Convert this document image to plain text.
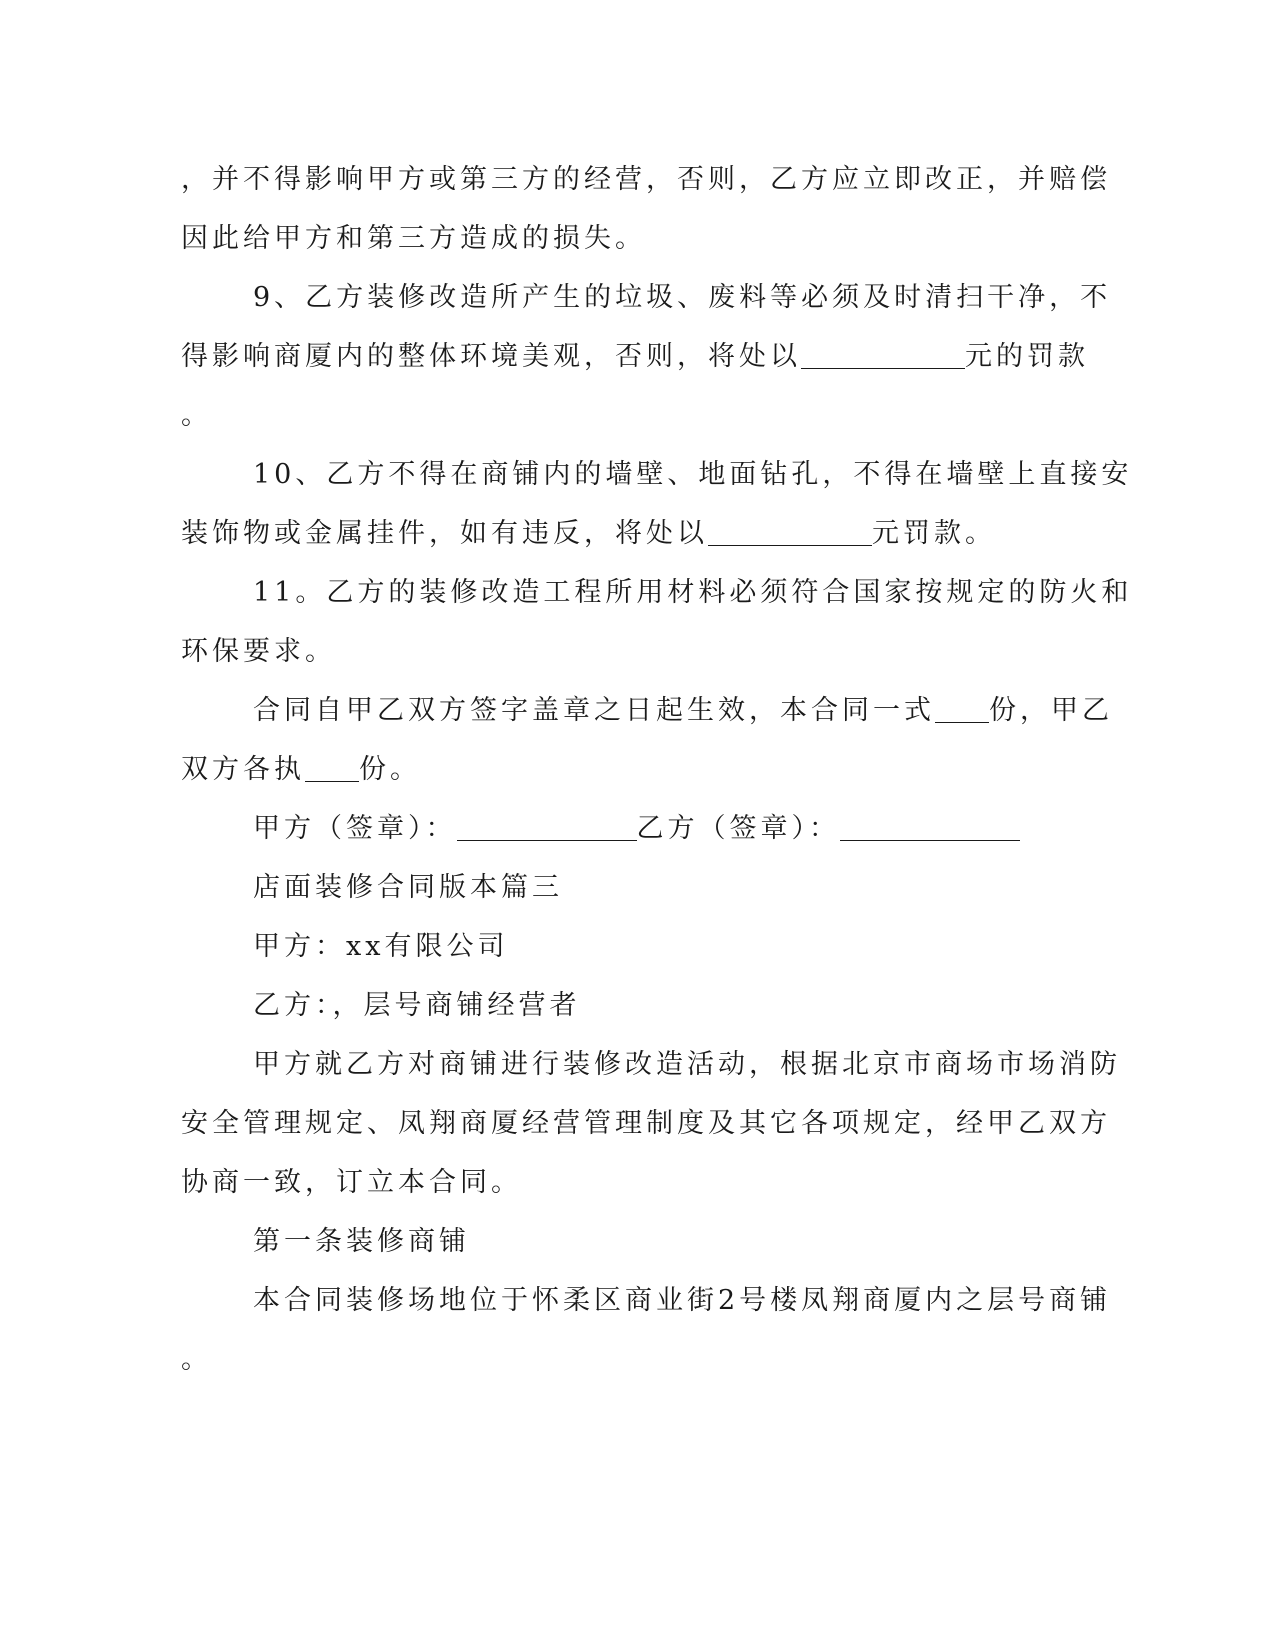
，并不得影响甲方或第三方的经营，否则，乙方应立即改正，并赔偿
因此给甲方和第三方造成的损失。
9、乙方装修改造所产生的垃圾、废料等必须及时清扫干净，不
得影响商厦内的整体环境美观，否则，将处以	元的罚款
。
10、乙方不得在商铺内的墙壁、地面钻孔，不得在墙壁上直接安
装饰物或金属挂件，如有违反，将处以	元罚款。
11。乙方的装修改造工程所用材料必须符合国家按规定的防火和
环保要求。
合同自甲乙双方签字盖章之日起生效，本合同一式 份，甲乙
双方各执 份。
甲方（签章）：	乙方（签章）：
店面装修合同版本篇三
甲方：xx有限公司
乙方：，层号商铺经营者
甲方就乙方对商铺进行装修改造活动，根据北京市商场市场消防
安全管理规定、凤翔商厦经营管理制度及其它各项规定，经甲乙双方
协商一致，订立本合同。
第一条装修商铺
本合同装修场地位于怀柔区商业街2号楼凤翔商厦内之层号商铺
。
